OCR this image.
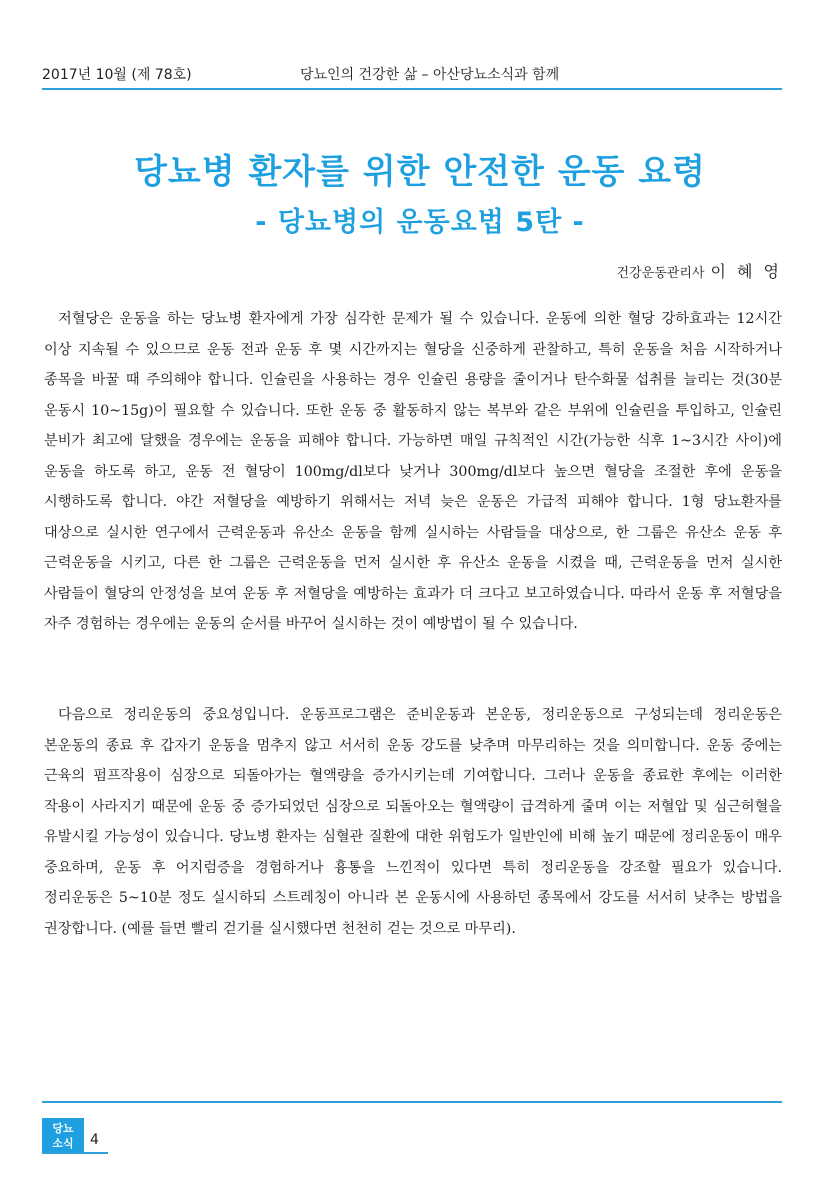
2017년 10월 (제 78호)	당뇨인의 건강한 삶 – 아산당뇨소식과 함께
당뇨병 환자를 위한 안전한 운동 요령
- 당뇨병의 운동요법 5탄 -
건강운동관리사 이 혜 영

저혈당은 운동을 하는 당뇨병 환자에게 가장 심각한 문제가 될 수 있습니다. 운동에 의한 혈당 강하효과는 12시간 이상 지속될 수 있으므로 운동 전과 운동 후 몇 시간까지는 혈당을 신중하게 관찰하고, 특히 운동을 처음 시작하거나 종목을 바꿀 때 주의해야 합니다. 인슐린을 사용하는 경우 인슐린 용량을 줄이거나 탄수화물 섭취를 늘리는 것(30분 운동시 10~15g)이 필요할 수 있습니다. 또한 운동 중 활동하지 않는 복부와 같은 부위에 인슐린을 투입하고, 인슐린 분비가 최고에 달했을 경우에는 운동을 피해야 합니다. 가능하면 매일 규칙적인 시간(가능한 식후 1~3시간 사이)에 운동을 하도록 하고, 운동 전 혈당이 100mg/dl보다 낮거나 300mg/dl보다 높으면 혈당을 조절한 후에 운동을 시행하도록 합니다. 야간 저혈당을 예방하기 위해서는 저녁 늦은 운동은 가급적 피해야 합니다. 1형 당뇨환자를 대상으로 실시한 연구에서 근력운동과 유산소 운동을 함께 실시하는 사람들을 대상으로, 한 그룹은 유산소 운동 후 근력운동을 시키고, 다른 한 그룹은 근력운동을 먼저 실시한 후 유산소 운동을 시켰을 때, 근력운동을 먼저 실시한 사람들이 혈당의 안정성을 보여 운동 후 저혈당을 예방하는 효과가 더 크다고 보고하였습니다. 따라서 운동 후 저혈당을 자주 경험하는 경우에는 운동의 순서를 바꾸어 실시하는 것이 예방법이 될 수 있습니다.

다음으로 정리운동의 중요성입니다. 운동프로그램은 준비운동과 본운동, 정리운동으로 구성되는데 정리운동은 본운동의 종료 후 갑자기 운동을 멈추지 않고 서서히 운동 강도를 낮추며 마무리하는 것을 의미합니다. 운동 중에는 근육의 펌프작용이 심장으로 되돌아가는 혈액량을 증가시키는데 기여합니다. 그러나 운동을 종료한 후에는 이러한 작용이 사라지기 때문에 운동 중 증가되었던 심장으로 되돌아오는 혈액량이 급격하게 줄며 이는 저혈압 및 심근허혈을 유발시킬 가능성이 있습니다. 당뇨병 환자는 심혈관 질환에 대한 위험도가 일반인에 비해 높기 때문에 정리운동이 매우 중요하며, 운동 후 어지럼증을 경험하거나 흉통을 느낀적이 있다면 특히 정리운동을 강조할 필요가 있습니다. 정리운동은 5~10분 정도 실시하되 스트레칭이 아니라 본 운동시에 사용하던 종목에서 강도를 서서히 낮추는 방법을 권장합니다. (예를 들면 빨리 걷기를 실시했다면 천천히 걷는 것으로 마무리).

당뇨
소식	4
